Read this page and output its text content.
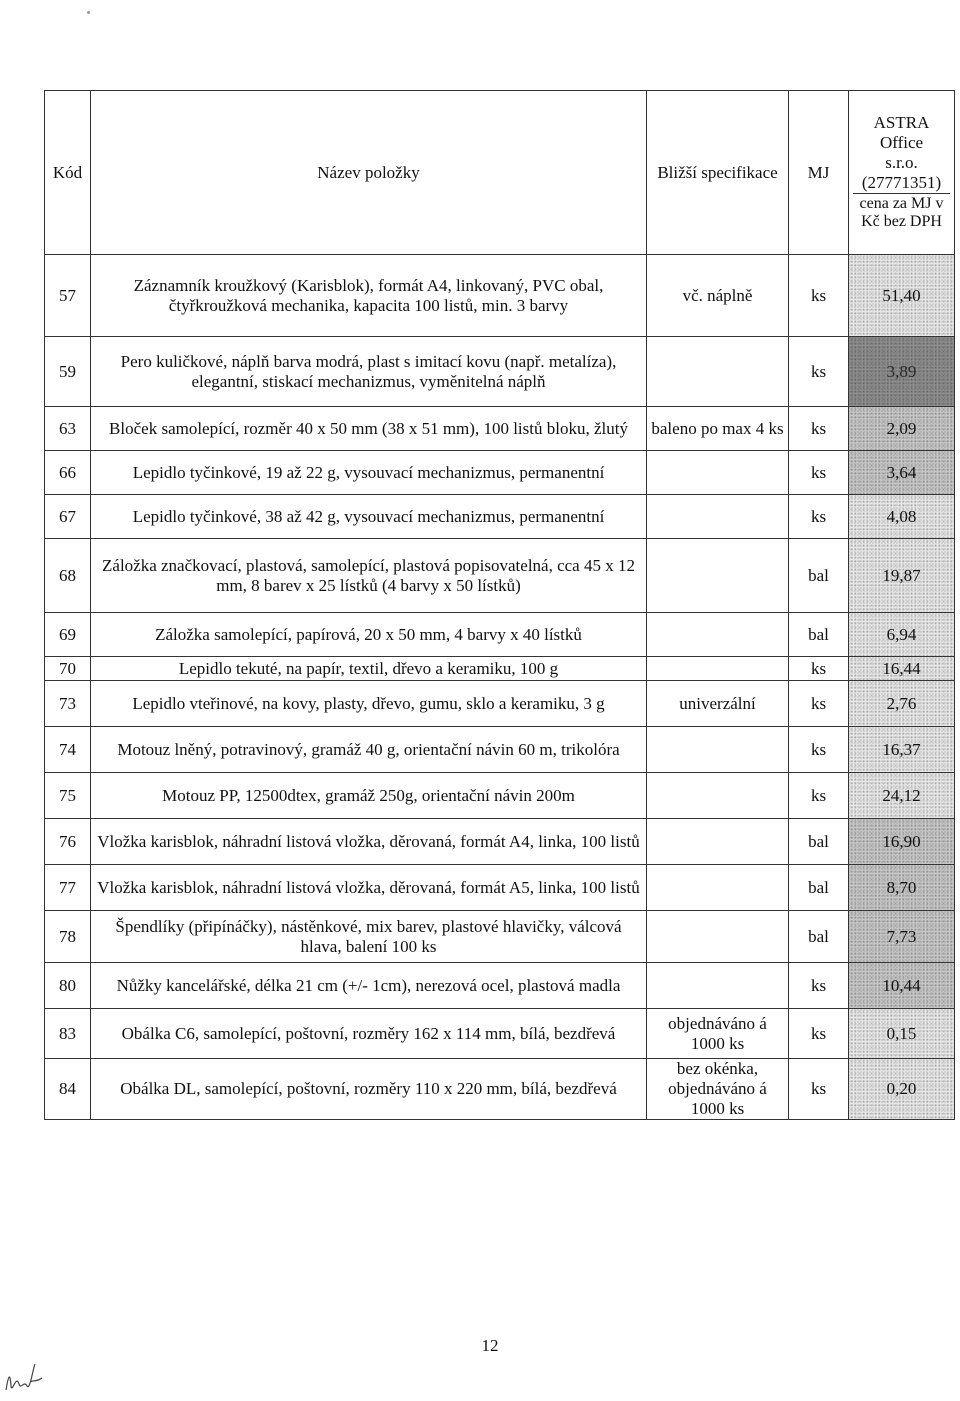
Kód	Název položky	Bližší specifikace	MJ	ASTRA
Office
s.r.o.
(27771351)
cena za MJ v Kč bez DPH

57	Záznamník kroužkový (Karisblok), formát A4, linkovaný, PVC obal, čtyřkroužková mechanika, kapacita 100 listů, min. 3 barvy	vč. náplně	ks	51,40
59	Pero kuličkové, náplň barva modrá, plast s imitací kovu (např. metalíza), elegantní, stiskací mechanizmus, vyměnitelná náplň		ks	3,89
63	Bloček samolepící, rozměr 40 x 50 mm (38 x 51 mm), 100 listů bloku, žlutý	baleno po max 4 ks	ks	2,09
66	Lepidlo tyčinkové, 19 až 22 g, vysouvací mechanizmus, permanentní		ks	3,64
67	Lepidlo tyčinkové, 38 až 42 g, vysouvací mechanizmus, permanentní		ks	4,08
68	Záložka značkovací, plastová, samolepící, plastová popisovatelná, cca 45 x 12 mm, 8 barev x 25 lístků (4 barvy x 50 lístků)		bal	19,87
69	Záložka samolepící, papírová, 20 x 50 mm, 4 barvy x 40 lístků		bal	6,94
70	Lepidlo tekuté, na papír, textil, dřevo a keramiku, 100 g		ks	16,44
73	Lepidlo vteřinové, na kovy, plasty, dřevo, gumu, sklo a keramiku, 3 g	univerzální	ks	2,76
74	Motouz lněný, potravinový, gramáž 40 g, orientační návin 60 m, trikolóra		ks	16,37
75	Motouz PP, 12500dtex, gramáž 250g, orientační návin 200m		ks	24,12
76	Vložka karisblok, náhradní listová vložka, děrovaná, formát A4, linka, 100 listů		bal	16,90
77	Vložka karisblok, náhradní listová vložka, děrovaná, formát A5, linka, 100 listů		bal	8,70
78	Špendlíky (připínáčky), nástěnkové, mix barev, plastové hlavičky, válcová hlava, balení 100 ks		bal	7,73
80	Nůžky kancelářské, délka 21 cm (+/- 1cm), nerezová ocel, plastová madla		ks	10,44
83	Obálka C6, samolepící, poštovní, rozměry 162 x 114 mm, bílá, bezdřevá	objednáváno á 1000 ks	ks	0,15
84	Obálka DL, samolepící, poštovní, rozměry 110 x 220 mm, bílá, bezdřevá	bez okénka, objednáváno á 1000 ks	ks	0,20
12
